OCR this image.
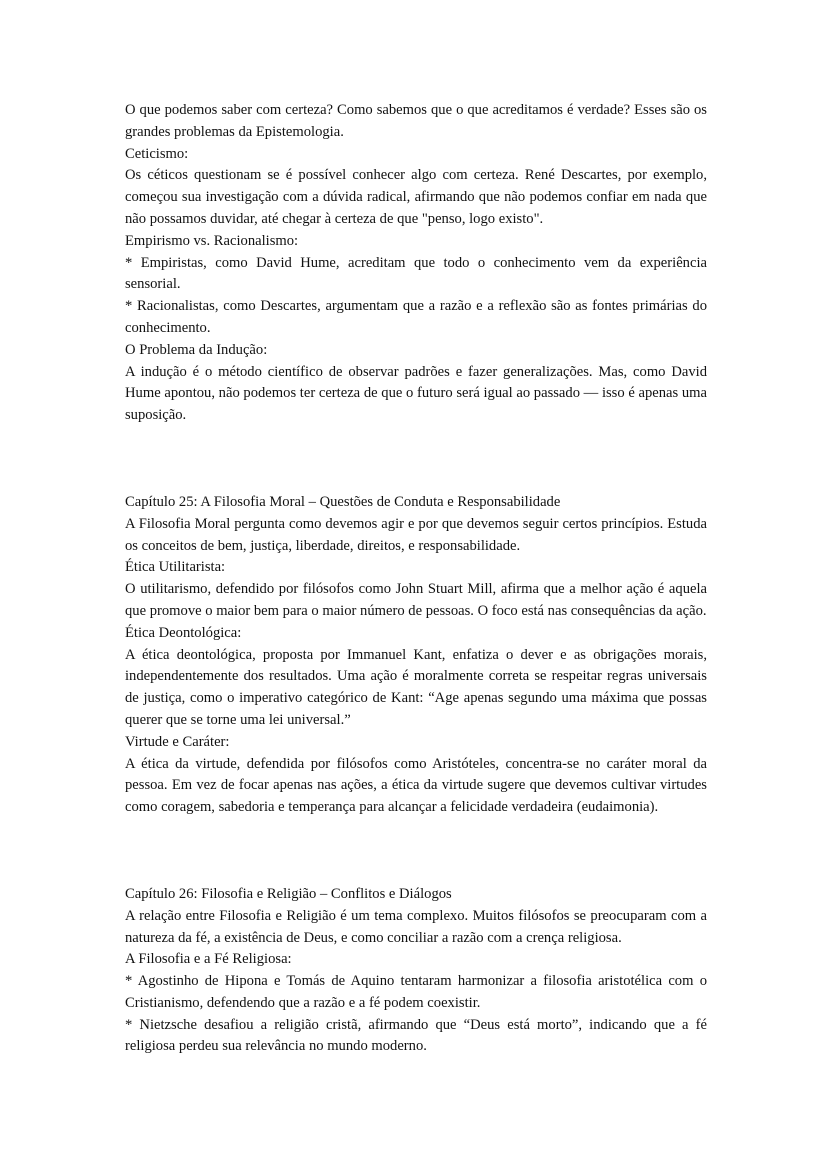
O que podemos saber com certeza? Como sabemos que o que acreditamos é verdade? Esses são os grandes problemas da Epistemologia.

Ceticismo:

Os céticos questionam se é possível conhecer algo com certeza. René Descartes, por exemplo, começou sua investigação com a dúvida radical, afirmando que não podemos confiar em nada que não possamos duvidar, até chegar à certeza de que "penso, logo existo".

Empirismo vs. Racionalismo:

* Empiristas, como David Hume, acreditam que todo o conhecimento vem da experiência sensorial.

* Racionalistas, como Descartes, argumentam que a razão e a reflexão são as fontes primárias do conhecimento.

O Problema da Indução:

A indução é o método científico de observar padrões e fazer generalizações. Mas, como David Hume apontou, não podemos ter certeza de que o futuro será igual ao passado — isso é apenas uma suposição.

Capítulo 25: A Filosofia Moral – Questões de Conduta e Responsabilidade

A Filosofia Moral pergunta como devemos agir e por que devemos seguir certos princípios. Estuda os conceitos de bem, justiça, liberdade, direitos, e responsabilidade.

Ética Utilitarista:

O utilitarismo, defendido por filósofos como John Stuart Mill, afirma que a melhor ação é aquela que promove o maior bem para o maior número de pessoas. O foco está nas consequências da ação.

Ética Deontológica:

A ética deontológica, proposta por Immanuel Kant, enfatiza o dever e as obrigações morais, independentemente dos resultados. Uma ação é moralmente correta se respeitar regras universais de justiça, como o imperativo categórico de Kant: “Age apenas segundo uma máxima que possas querer que se torne uma lei universal.”

Virtude e Caráter:

A ética da virtude, defendida por filósofos como Aristóteles, concentra-se no caráter moral da pessoa. Em vez de focar apenas nas ações, a ética da virtude sugere que devemos cultivar virtudes como coragem, sabedoria e temperança para alcançar a felicidade verdadeira (eudaimonia).

Capítulo 26: Filosofia e Religião – Conflitos e Diálogos

A relação entre Filosofia e Religião é um tema complexo. Muitos filósofos se preocuparam com a natureza da fé, a existência de Deus, e como conciliar a razão com a crença religiosa.

A Filosofia e a Fé Religiosa:

* Agostinho de Hipona e Tomás de Aquino tentaram harmonizar a filosofia aristotélica com o Cristianismo, defendendo que a razão e a fé podem coexistir.

* Nietzsche desafiou a religião cristã, afirmando que “Deus está morto”, indicando que a fé religiosa perdeu sua relevância no mundo moderno.
